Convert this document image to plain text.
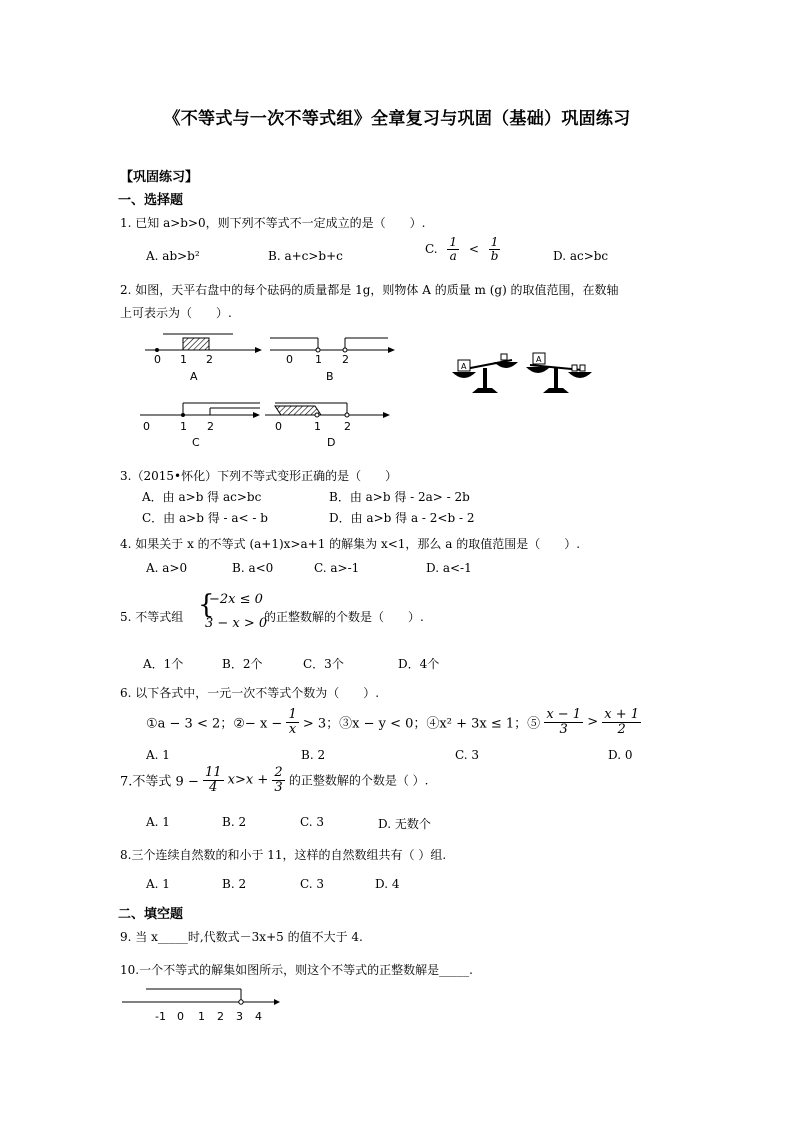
《不等式与一次不等式组》全章复习与巩固（基础）巩固练习
【巩固练习】
一、选择题
1. 已知 a>b>0，则下列不等式不一定成立的是（　　）.
A. ab>b²	B. a+c>b+c	C. $\frac{1}{a} < \frac{1}{b}$	D. ac>bc
2. 如图，天平右盘中的每个砝码的质量都是 1g，则物体 A 的质量 m (g) 的取值范围，在数轴
上可表示为（　　）.
0 1 2
A
0 1 2
B
0	1 2
C
0	1 2
D
A
A
3.（2015•怀化）下列不等式变形正确的是（　　）
A．由 a>b 得 ac>bc	B．由 a>b 得 - 2a> - 2b
C．由 a>b 得 - a< - b	D．由 a>b 得 a - 2<b - 2
4. 如果关于 x 的不等式 (a+1)x>a+1 的解集为 x<1，那么 a 的取值范围是（　　）.
A. a>0	B. a<0	C. a>-1	D. a<-1
5. 不等式组 {
−2x ≤ 0
3 − x > 0
的正整数解的个数是（　　）.
A．1个	B．2个	C．3个	D．4个
6. 以下各式中，一元一次不等式个数为（　　）.
①a − 3 < 2；②− $x - \frac{1}{x} > 3$；③x − y < 0；④x² + 3x ≤ 1；⑤ $\frac{x - 1}{3} > \frac{x + 1}{2}$
A. 1	B. 2	C. 3	D. 0
7.不等式 $9 - \frac{11}{4} x>x + \frac{2}{3}$ 的正整数解的个数是（ ）.
A. 1	B. 2	C. 3	D. 无数个
8.三个连续自然数的和小于 11，这样的自然数组共有（ ）组.
A. 1	B. 2	C. 3	D. 4
二、填空题
9. 当 x_____时,代数式－3x+5 的值不大于 4.
10.一个不等式的解集如图所示，则这个不等式的正整数解是_____.
-1 0 1 2 3 4
